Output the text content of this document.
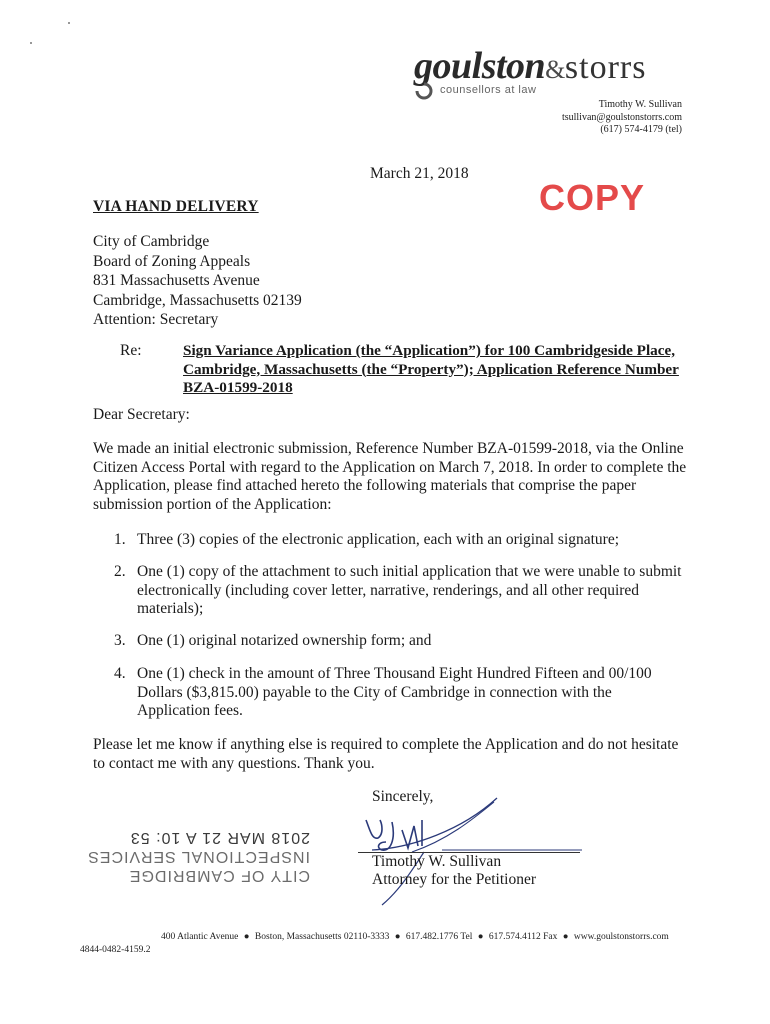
goulston&storrs
counsellors at law
Timothy W. Sullivan
tsullivan@goulstonstorrs.com
(617) 574-4179 (tel)
March 21, 2018
COPY
VIA HAND DELIVERY
City of Cambridge
Board of Zoning Appeals
831 Massachusetts Avenue
Cambridge, Massachusetts 02139
Attention: Secretary
Re:	Sign Variance Application (the “Application”) for 100 Cambridgeside Place, Cambridge, Massachusetts (the “Property”); Application Reference Number BZA-01599-2018
Dear Secretary:
We made an initial electronic submission, Reference Number BZA-01599-2018, via the Online Citizen Access Portal with regard to the Application on March 7, 2018. In order to complete the Application, please find attached hereto the following materials that comprise the paper submission portion of the Application:
1. Three (3) copies of the electronic application, each with an original signature;
2. One (1) copy of the attachment to such initial application that we were unable to submit electronically (including cover letter, narrative, renderings, and all other required materials);
3. One (1) original notarized ownership form; and
4. One (1) check in the amount of Three Thousand Eight Hundred Fifteen and 00/100 Dollars ($3,815.00) payable to the City of Cambridge in connection with the Application fees.
Please let me know if anything else is required to complete the Application and do not hesitate to contact me with any questions. Thank you.
Sincerely,
Timothy W. Sullivan
Attorney for the Petitioner
CITY OF CAMBRIDGE
INSPECTIONAL SERVICES
2018 MAR 21 A 10: 53
400 Atlantic Avenue ● Boston, Massachusetts 02110-3333 ● 617.482.1776 Tel ● 617.574.4112 Fax ● www.goulstonstorrs.com
4844-0482-4159.2
